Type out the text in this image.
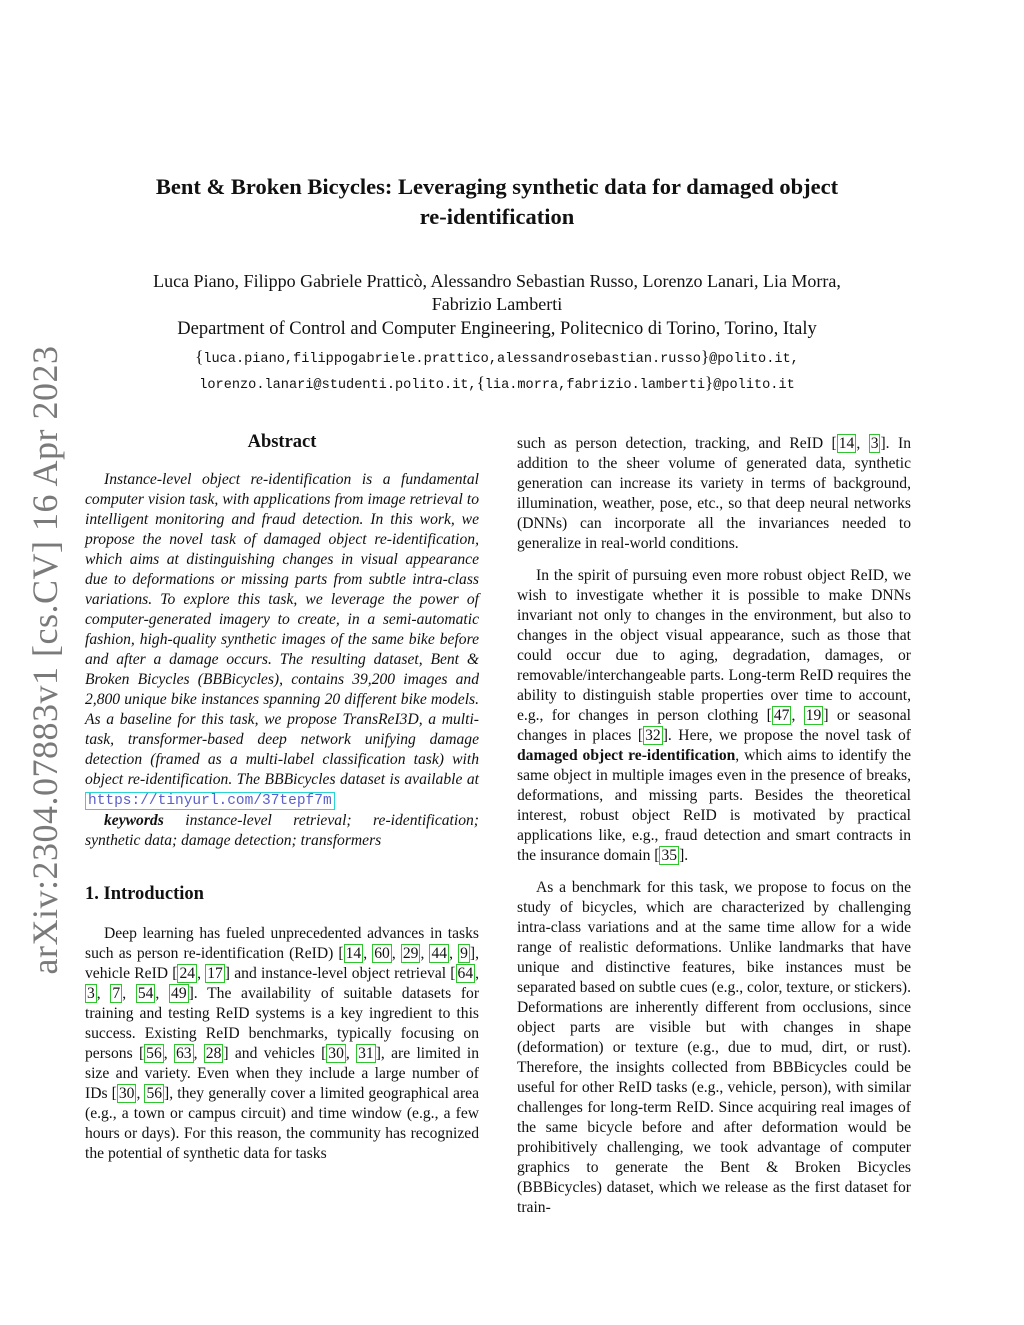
arXiv:2304.07883v1 [cs.CV] 16 Apr 2023
Bent & Broken Bicycles: Leveraging synthetic data for damaged object
re-identification
Luca Piano, Filippo Gabriele Pratticò, Alessandro Sebastian Russo, Lorenzo Lanari, Lia Morra,
Fabrizio Lamberti
Department of Control and Computer Engineering, Politecnico di Torino, Torino, Italy
{luca.piano,filippogabriele.prattico,alessandrosebastian.russo}@polito.it,
lorenzo.lanari@studenti.polito.it,{lia.morra,fabrizio.lamberti}@polito.it
Abstract

Instance-level object re-identification is a fundamental computer vision task, with applications from image retrieval to intelligent monitoring and fraud detection. In this work, we propose the novel task of damaged object re-identification, which aims at distinguishing changes in visual appearance due to deformations or missing parts from subtle intra-class variations. To explore this task, we leverage the power of computer-generated imagery to create, in a semi-automatic fashion, high-quality synthetic images of the same bike before and after a damage occurs. The resulting dataset, Bent & Broken Bicycles (BBBicycles), contains 39,200 images and 2,800 unique bike instances spanning 20 different bike models. As a baseline for this task, we propose TransReI3D, a multi-task, transformer-based deep network unifying damage detection (framed as a multi-label classification task) with object re-identification. The BBBicycles dataset is available at https://tinyurl.com/37tepf7m

keywords instance-level retrieval; re-identification; synthetic data; damage detection; transformers

1. Introduction

Deep learning has fueled unprecedented advances in tasks such as person re-identification (ReID) [ 14 , 60 , 29 , 44 , 9 ], vehicle ReID [ 24 , 17 ] and instance-level object retrieval [ 64 , 3 , 7 , 54 , 49 ]. The availability of suitable datasets for training and testing ReID systems is a key ingredient to this success. Existing ReID benchmarks, typically focusing on persons [ 56 , 63 , 28 ] and vehicles [ 30 , 31 ], are limited in size and variety. Even when they include a large number of IDs [ 30 , 56 ], they generally cover a limited geographical area (e.g., a town or campus circuit) and time window (e.g., a few hours or days). For this reason, the community has recognized the potential of synthetic data for tasks

such as person detection, tracking, and ReID [ 14 , 3 ]. In addition to the sheer volume of generated data, synthetic generation can increase its variety in terms of background, illumination, weather, pose, etc., so that deep neural networks (DNNs) can incorporate all the invariances needed to generalize in real-world conditions.

In the spirit of pursuing even more robust object ReID, we wish to investigate whether it is possible to make DNNs invariant not only to changes in the environment, but also to changes in the object visual appearance, such as those that could occur due to aging, degradation, damages, or removable/interchangeable parts. Long-term ReID requires the ability to distinguish stable properties over time to account, e.g., for changes in person clothing [ 47 , 19 ] or seasonal changes in places [ 32 ]. Here, we propose the novel task of damaged object re-identification, which aims to identify the same object in multiple images even in the presence of breaks, deformations, and missing parts. Besides the theoretical interest, robust object ReID is motivated by practical applications like, e.g., fraud detection and smart contracts in the insurance domain [ 35 ].

As a benchmark for this task, we propose to focus on the study of bicycles, which are characterized by challenging intra-class variations and at the same time allow for a wide range of realistic deformations. Unlike landmarks that have unique and distinctive features, bike instances must be separated based on subtle cues (e.g., color, texture, or stickers). Deformations are inherently different from occlusions, since object parts are visible but with changes in shape (deformation) or texture (e.g., due to mud, dirt, or rust). Therefore, the insights collected from BBBicycles could be useful for other ReID tasks (e.g., vehicle, person), with similar challenges for long-term ReID. Since acquiring real images of the same bicycle before and after deformation would be prohibitively challenging, we took advantage of computer graphics to generate the Bent & Broken Bicycles (BBBicycles) dataset, which we release as the first dataset for train-
